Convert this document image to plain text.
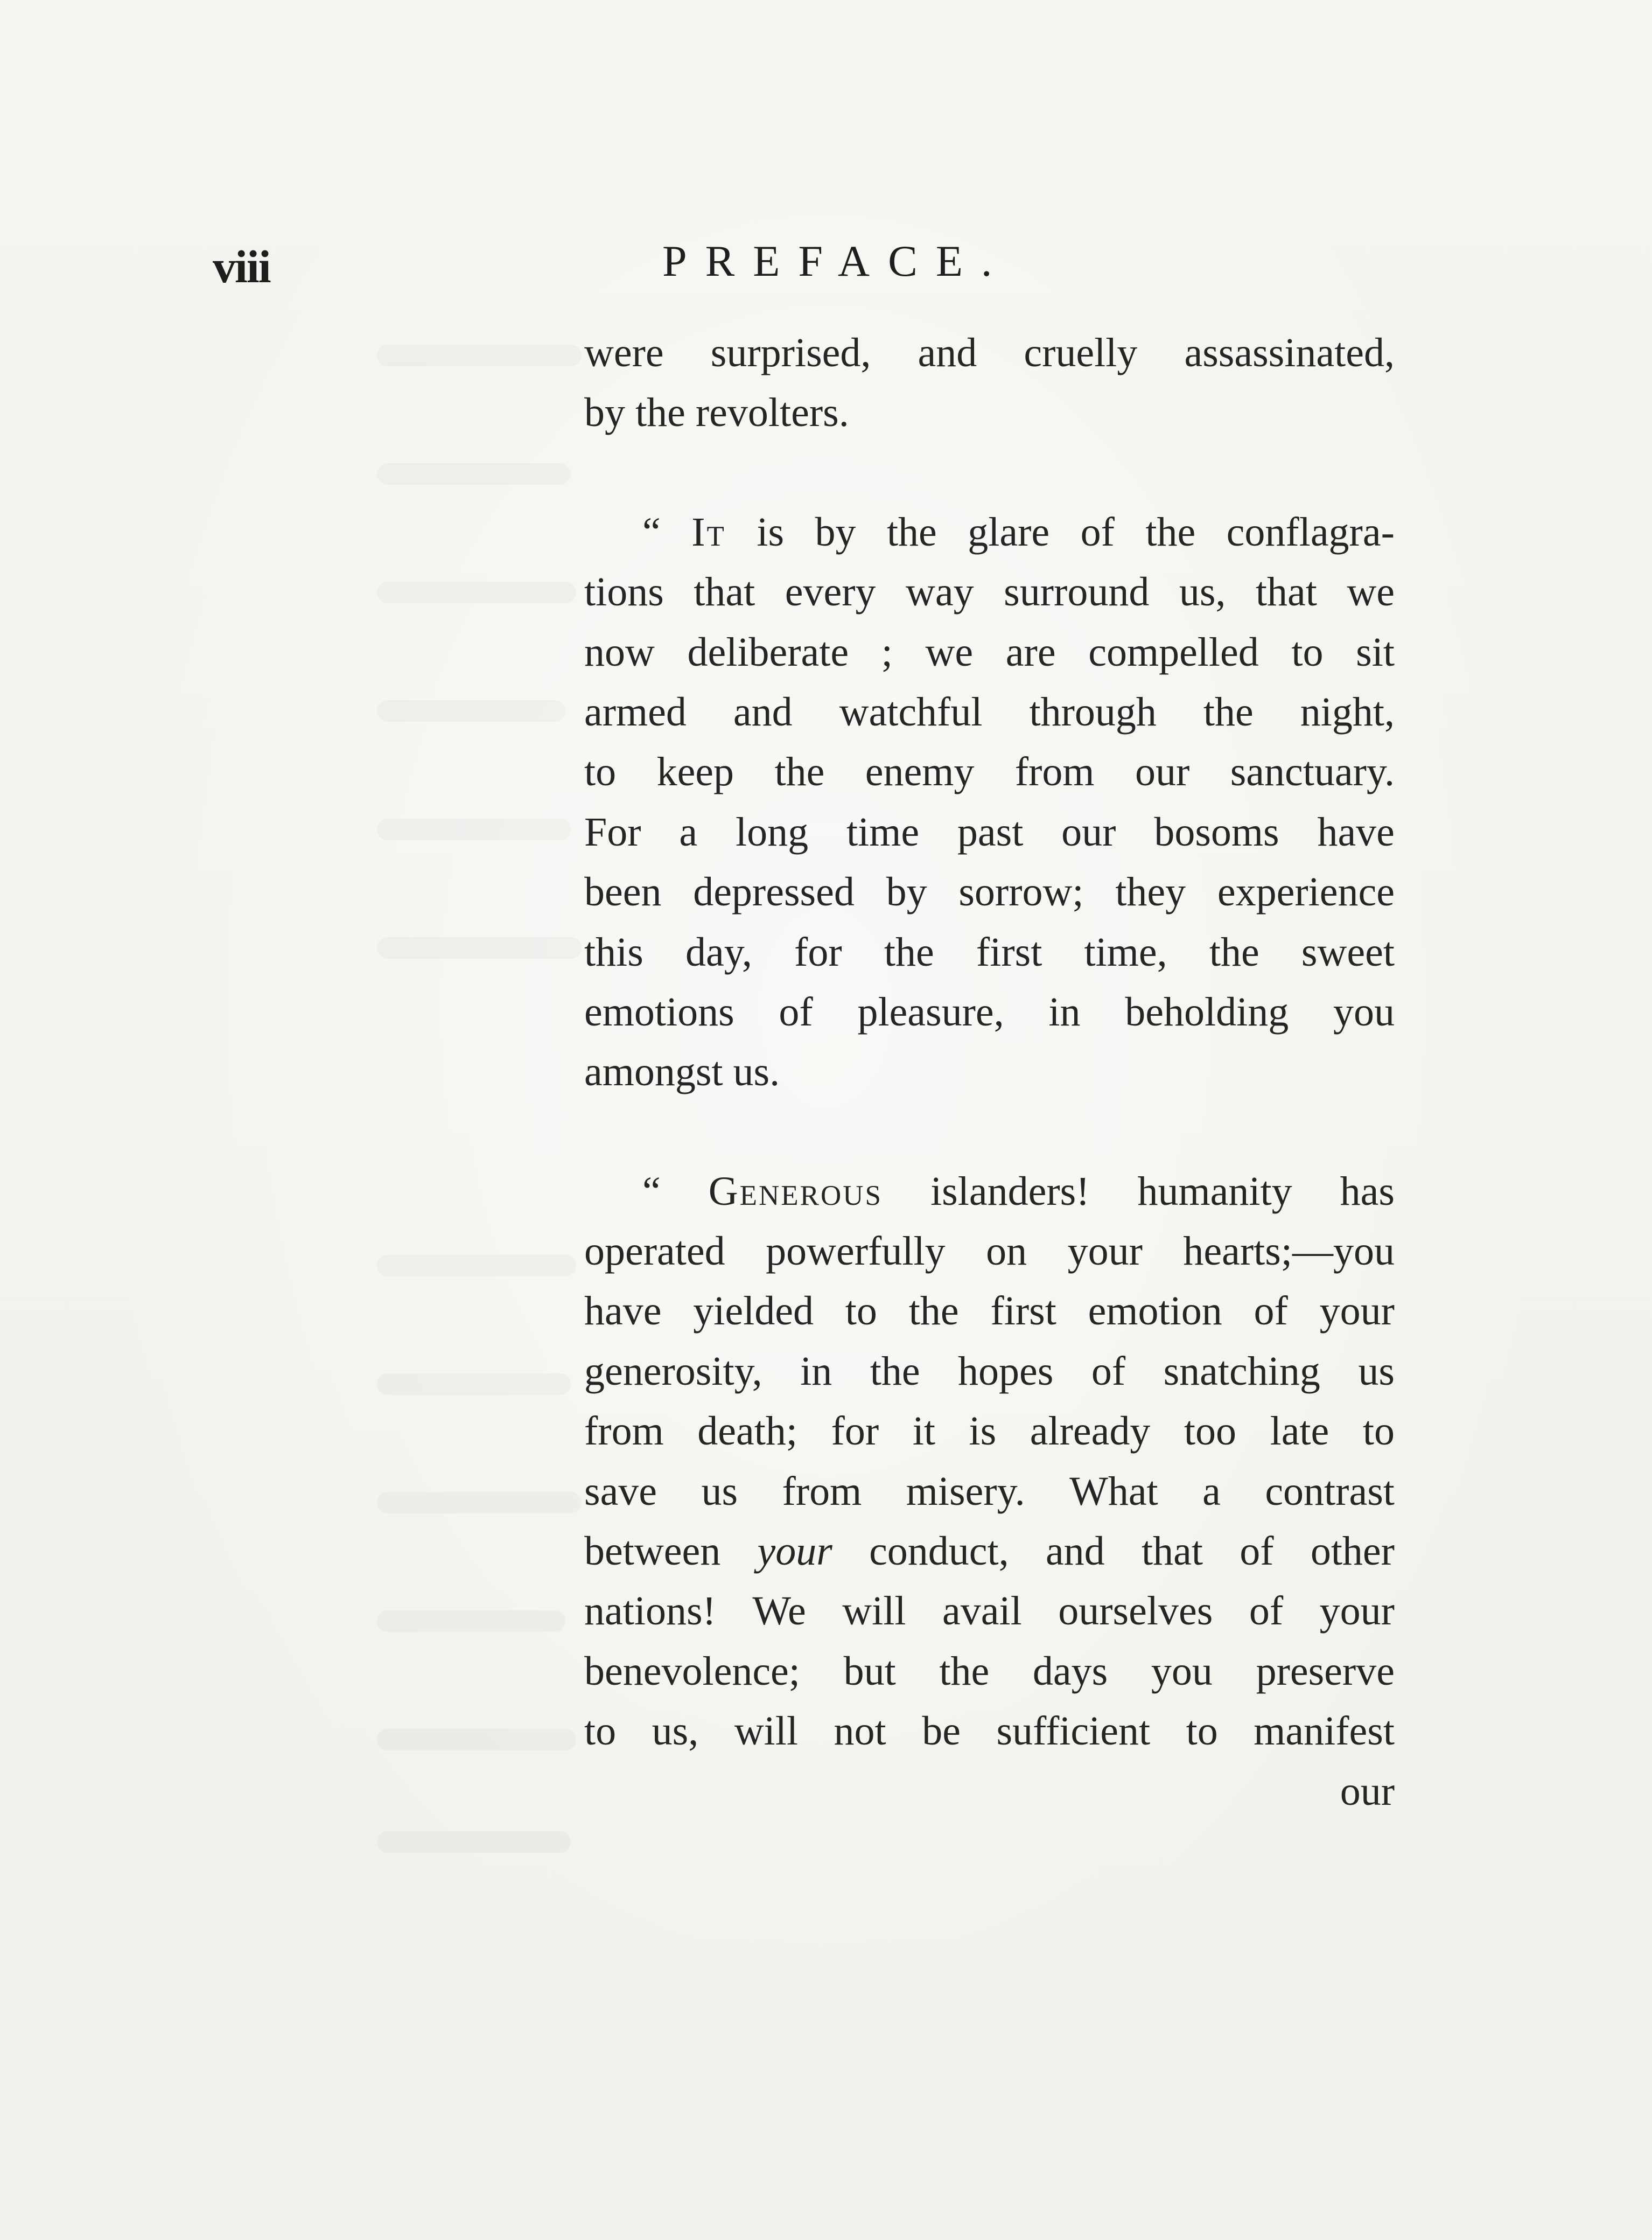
viii	PREFACE.
were surprised, and cruelly assassinated,
by the revolters.
“ It is by the glare of the conflagra-
tions that every way surround us, that we
now deliberate ; we are compelled to sit
armed and watchful through the night,
to keep the enemy from our sanctuary.
For a long time past our bosoms have
been depressed by sorrow; they experience
this day, for the first time, the sweet
emotions of pleasure, in beholding you
amongst us.
“ Generous islanders! humanity has
operated powerfully on your hearts;—you
have yielded to the first emotion of your
generosity, in the hopes of snatching us
from death; for it is already too late to
save us from misery. What a contrast
between your conduct, and that of other
nations! We will avail ourselves of your
benevolence; but the days you preserve
to us, will not be sufficient to manifest
our
